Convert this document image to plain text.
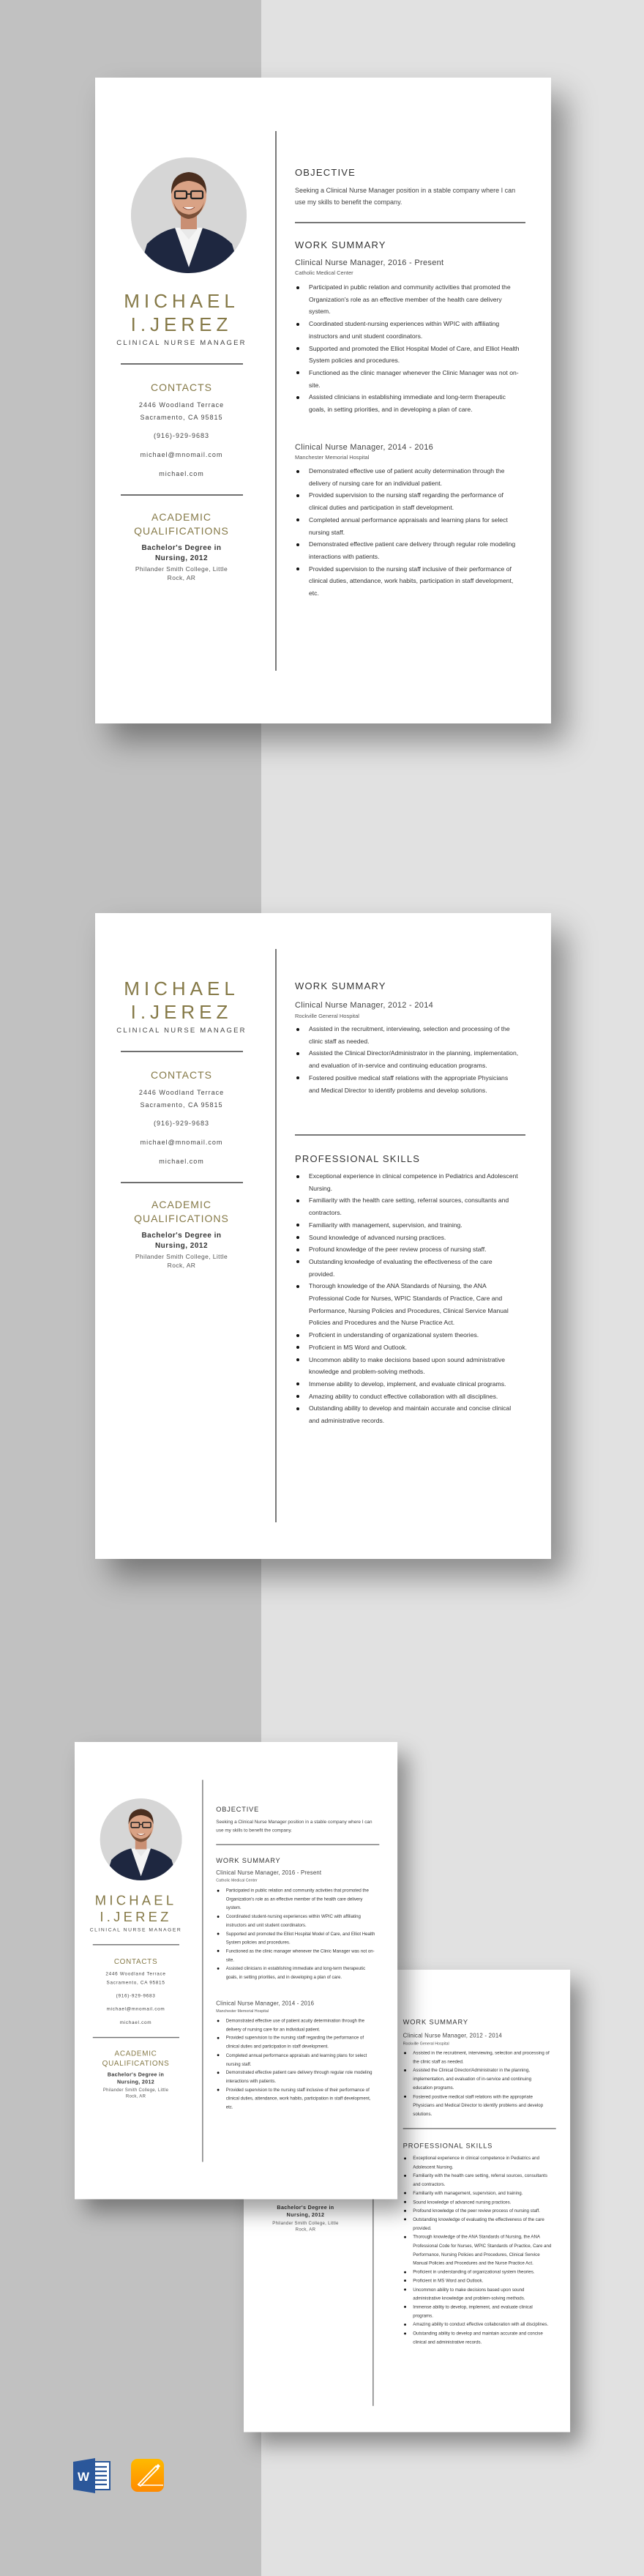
MICHAEL
I.JEREZ
CLINICAL NURSE MANAGER
CONTACTS
2446 Woodland Terrace
Sacramento, CA 95815
(916)-929-9683
michael@mnomail.com
michael.com
ACADEMIC
QUALIFICATIONS
Bachelor's Degree in Nursing, 2012
Philander Smith College, Little Rock, AR
OBJECTIVE
Seeking a Clinical Nurse Manager position in a stable company where I can use my skills to benefit the company.
WORK SUMMARY
Clinical Nurse Manager, 2016 - Present
Catholic Medical Center
Participated in public relation and community activities that promoted the Organization's role as an effective member of the health care delivery system.
Coordinated student-nursing experiences within WPIC with affiliating instructors and unit student coordinators.
Supported and promoted the Elliot Hospital Model of Care, and Elliot Health System policies and procedures.
Functioned as the clinic manager whenever the Clinic Manager was not on-site.
Assisted clinicians in establishing immediate and long-term therapeutic goals, in setting priorities, and in developing a plan of care.
Clinical Nurse Manager, 2014 - 2016
Manchester Memorial Hospital
Demonstrated effective use of patient acuity determination through the delivery of nursing care for an individual patient.
Provided supervision to the nursing staff regarding the performance of clinical duties and participation in staff development.
Completed annual performance appraisals and learning plans for select nursing staff.
Demonstrated effective patient care delivery through regular role modeling interactions with patients.
Provided supervision to the nursing staff inclusive of their performance of clinical duties, attendance, work habits, participation in staff development, etc.
MICHAEL
I.JEREZ
CLINICAL NURSE MANAGER
CONTACTS
2446 Woodland Terrace
Sacramento, CA 95815
(916)-929-9683
michael@mnomail.com
michael.com
ACADEMIC
QUALIFICATIONS
Bachelor's Degree in Nursing, 2012
Philander Smith College, Little Rock, AR
WORK SUMMARY
Clinical Nurse Manager, 2012 - 2014
Rockville General Hospital
Assisted in the recruitment, interviewing, selection and processing of the clinic staff as needed.
Assisted the Clinical Director/Administrator in the planning, implementation, and evaluation of in-service and continuing education programs.
Fostered positive medical staff relations with the appropriate Physicians and Medical Director to identify problems and develop solutions.
PROFESSIONAL SKILLS
Exceptional experience in clinical competence in Pediatrics and Adolescent Nursing.
Familiarity with the health care setting, referral sources, consultants and contractors.
Familiarity with management, supervision, and training.
Sound knowledge of advanced nursing practices.
Profound knowledge of the peer review process of nursing staff.
Outstanding knowledge of evaluating the effectiveness of the care provided.
Thorough knowledge of the ANA Standards of Nursing, the ANA Professional Code for Nurses, WPIC Standards of Practice, Care and Performance, Nursing Policies and Procedures, Clinical Service Manual Policies and Procedures and the Nurse Practice Act.
Proficient in understanding of organizational system theories.
Proficient in MS Word and Outlook.
Uncommon ability to make decisions based upon sound administrative knowledge and problem-solving methods.
Immense ability to develop, implement, and evaluate clinical programs.
Amazing ability to conduct effective collaboration with all disciplines.
Outstanding ability to develop and maintain accurate and concise clinical and administrative records.
Bachelor's Degree in Nursing, 2012
Philander Smith College, Little Rock, AR
WORK SUMMARY
Clinical Nurse Manager, 2012 - 2014
Rockville General Hospital
Assisted in the recruitment, interviewing, selection and processing of the clinic staff as needed.
Assisted the Clinical Director/Administrator in the planning, implementation, and evaluation of in-service and continuing education programs.
Fostered positive medical staff relations with the appropriate Physicians and Medical Director to identify problems and develop solutions.
PROFESSIONAL SKILLS
Exceptional experience in clinical competence in Pediatrics and Adolescent Nursing.
Familiarity with the health care setting, referral sources, consultants and contractors.
Familiarity with management, supervision, and training.
Sound knowledge of advanced nursing practices.
Profound knowledge of the peer review process of nursing staff.
Outstanding knowledge of evaluating the effectiveness of the care provided.
Thorough knowledge of the ANA Standards of Nursing, the ANA Professional Code for Nurses, WPIC Standards of Practice, Care and Performance, Nursing Policies and Procedures, Clinical Service Manual Policies and Procedures and the Nurse Practice Act.
Proficient in understanding of organizational system theories.
Proficient in MS Word and Outlook.
Uncommon ability to make decisions based upon sound administrative knowledge and problem-solving methods.
Immense ability to develop, implement, and evaluate clinical programs.
Amazing ability to conduct effective collaboration with all disciplines.
Outstanding ability to develop and maintain accurate and concise clinical and administrative records.
MICHAEL
I.JEREZ
CLINICAL NURSE MANAGER
CONTACTS
2446 Woodland Terrace
Sacramento, CA 95815
(916)-929-9683
michael@mnomail.com
michael.com
ACADEMIC
QUALIFICATIONS
Bachelor's Degree in Nursing, 2012
Philander Smith College, Little Rock, AR
OBJECTIVE
Seeking a Clinical Nurse Manager position in a stable company where I can use my skills to benefit the company.
WORK SUMMARY
Clinical Nurse Manager, 2016 - Present
Catholic Medical Center
Participated in public relation and community activities that promoted the Organization's role as an effective member of the health care delivery system.
Coordinated student-nursing experiences within WPIC with affiliating instructors and unit student coordinators.
Supported and promoted the Elliot Hospital Model of Care, and Elliot Health System policies and procedures.
Functioned as the clinic manager whenever the Clinic Manager was not on-site.
Assisted clinicians in establishing immediate and long-term therapeutic goals, in setting priorities, and in developing a plan of care.
Clinical Nurse Manager, 2014 - 2016
Manchester Memorial Hospital
Demonstrated effective use of patient acuity determination through the delivery of nursing care for an individual patient.
Provided supervision to the nursing staff regarding the performance of clinical duties and participation in staff development.
Completed annual performance appraisals and learning plans for select nursing staff.
Demonstrated effective patient care delivery through regular role modeling interactions with patients.
Provided supervision to the nursing staff inclusive of their performance of clinical duties, attendance, work habits, participation in staff development, etc.
W
